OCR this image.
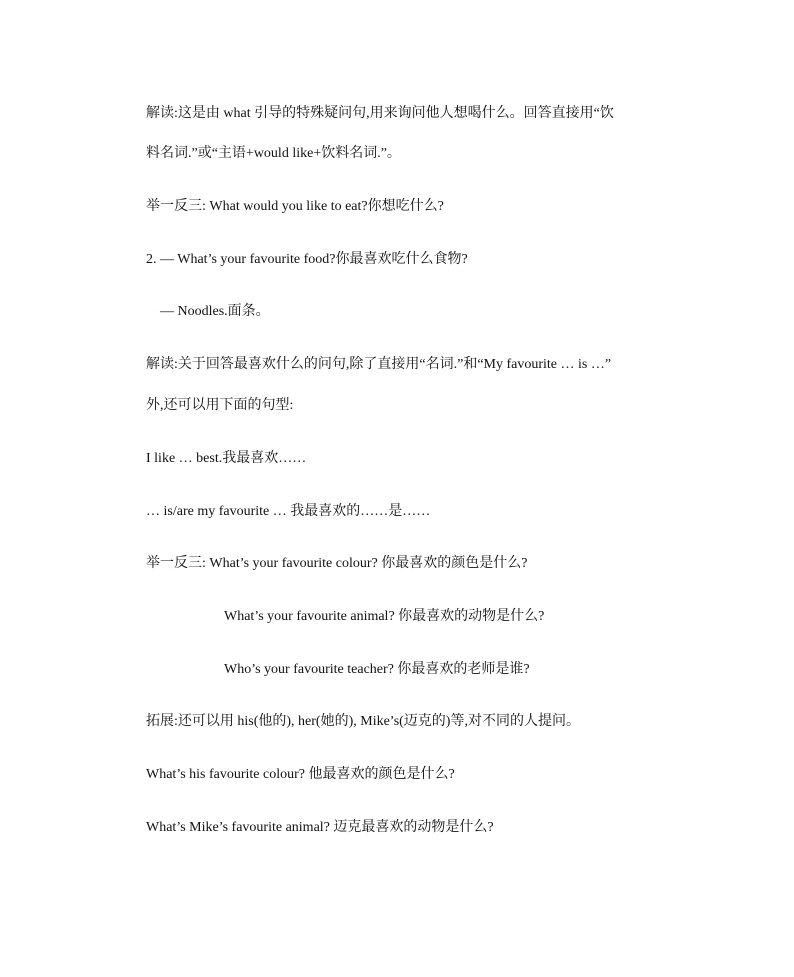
解读:这是由 what 引导的特殊疑问句,用来询问他人想喝什么。回答直接用“饮
料名词.”或“主语+would like+饮料名词.”。
举一反三: What would you like to eat?你想吃什么?
2. — What’s your favourite food?你最喜欢吃什么食物?
— Noodles.面条。
解读:关于回答最喜欢什么的问句,除了直接用“名词.”和“My favourite … is …”
外,还可以用下面的句型:
I like … best.我最喜欢……
… is/are my favourite … 我最喜欢的……是……
举一反三: What’s your favourite colour? 你最喜欢的颜色是什么?
What’s your favourite animal? 你最喜欢的动物是什么?
Who’s your favourite teacher? 你最喜欢的老师是谁?
拓展:还可以用 his(他的), her(她的), Mike’s(迈克的)等,对不同的人提问。
What’s his favourite colour? 他最喜欢的颜色是什么?
What’s Mike’s favourite animal? 迈克最喜欢的动物是什么?
